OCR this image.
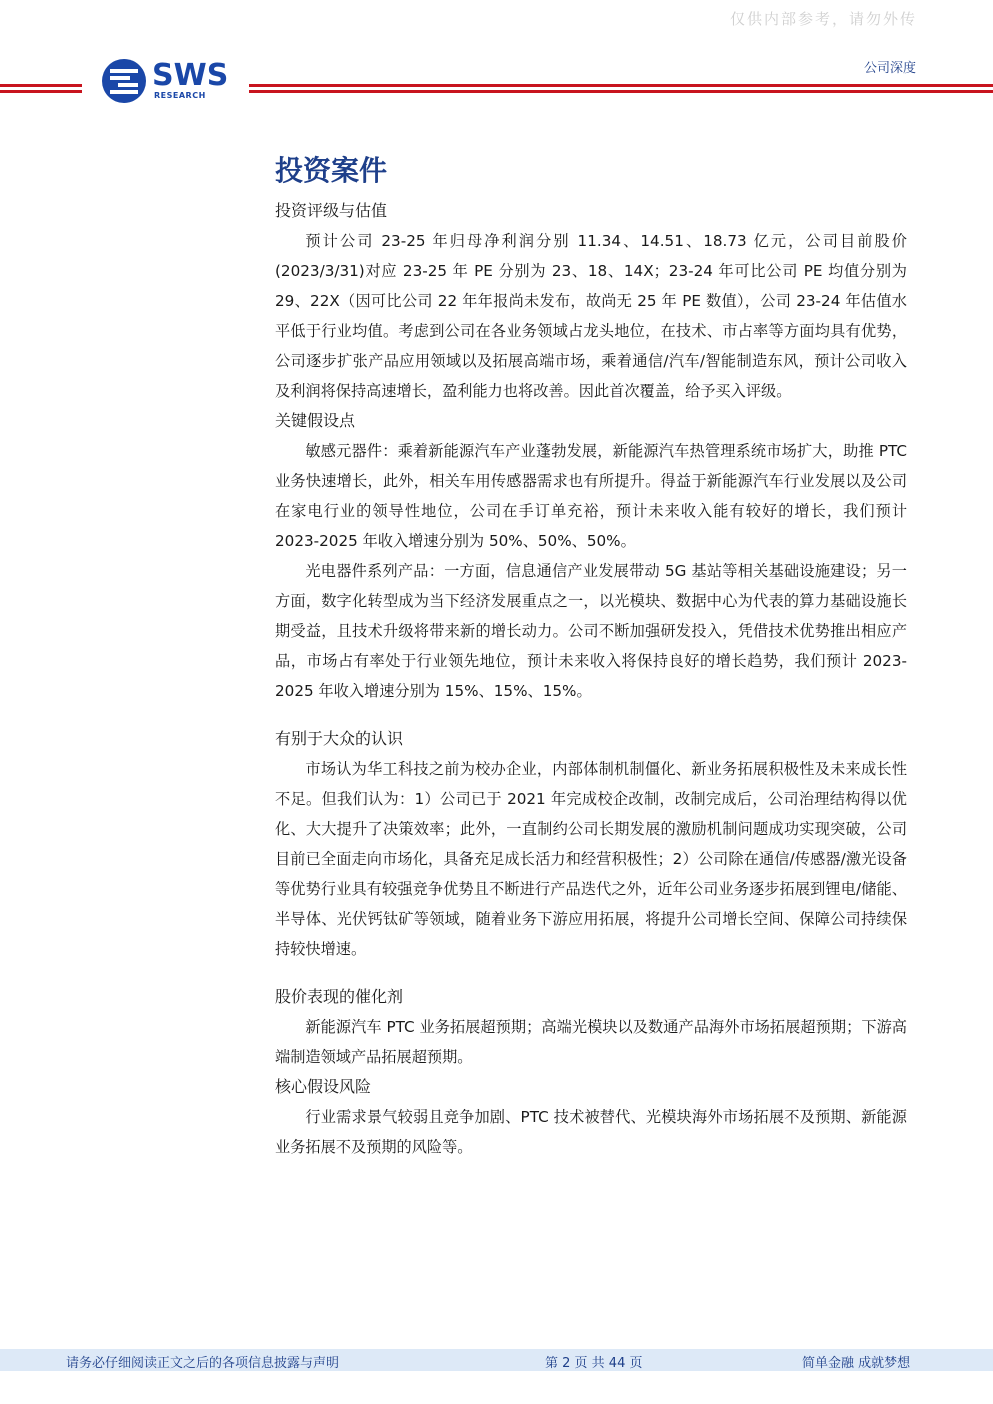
仅供内部参考，请勿外传
公司深度
SWS
RESEARCH
投资案件

投资评级与估值

预计公司 23-25 年归母净利润分别 11.34、14.51、18.73 亿元，公司目前股价(2023/3/31)对应 23-25 年 PE 分别为 23、18、14X；23-24 年可比公司 PE 均值分别为 29、22X（因可比公司 22 年年报尚未发布，故尚无 25 年 PE 数值），公司 23-24 年估值水平低于行业均值。考虑到公司在各业务领域占龙头地位，在技术、市占率等方面均具有优势，公司逐步扩张产品应用领域以及拓展高端市场，乘着通信/汽车/智能制造东风，预计公司收入及利润将保持高速增长，盈利能力也将改善。因此首次覆盖，给予买入评级。

关键假设点

敏感元器件：乘着新能源汽车产业蓬勃发展，新能源汽车热管理系统市场扩大，助推 PTC 业务快速增长，此外，相关车用传感器需求也有所提升。得益于新能源汽车行业发展以及公司在家电行业的领导性地位，公司在手订单充裕，预计未来收入能有较好的增长，我们预计 2023-2025 年收入增速分别为 50%、50%、50%。

光电器件系列产品：一方面，信息通信产业发展带动 5G 基站等相关基础设施建设；另一方面，数字化转型成为当下经济发展重点之一，以光模块、数据中心为代表的算力基础设施长期受益，且技术升级将带来新的增长动力。公司不断加强研发投入，凭借技术优势推出相应产品，市场占有率处于行业领先地位，预计未来收入将保持良好的增长趋势，我们预计 2023-2025 年收入增速分别为 15%、15%、15%。

有别于大众的认识

市场认为华工科技之前为校办企业，内部体制机制僵化、新业务拓展积极性及未来成长性不足。但我们认为：1）公司已于 2021 年完成校企改制，改制完成后，公司治理结构得以优化、大大提升了决策效率；此外，一直制约公司长期发展的激励机制问题成功实现突破，公司目前已全面走向市场化，具备充足成长活力和经营积极性；2）公司除在通信/传感器/激光设备等优势行业具有较强竞争优势且不断进行产品迭代之外，近年公司业务逐步拓展到锂电/储能、半导体、光伏钙钛矿等领域，随着业务下游应用拓展，将提升公司增长空间、保障公司持续保持较快增速。

股价表现的催化剂

新能源汽车 PTC 业务拓展超预期；高端光模块以及数通产品海外市场拓展超预期；下游高端制造领域产品拓展超预期。

核心假设风险

行业需求景气较弱且竞争加剧、PTC 技术被替代、光模块海外市场拓展不及预期、新能源业务拓展不及预期的风险等。

请务必仔细阅读正文之后的各项信息披露与声明	第 2 页 共 44 页	简单金融 成就梦想
